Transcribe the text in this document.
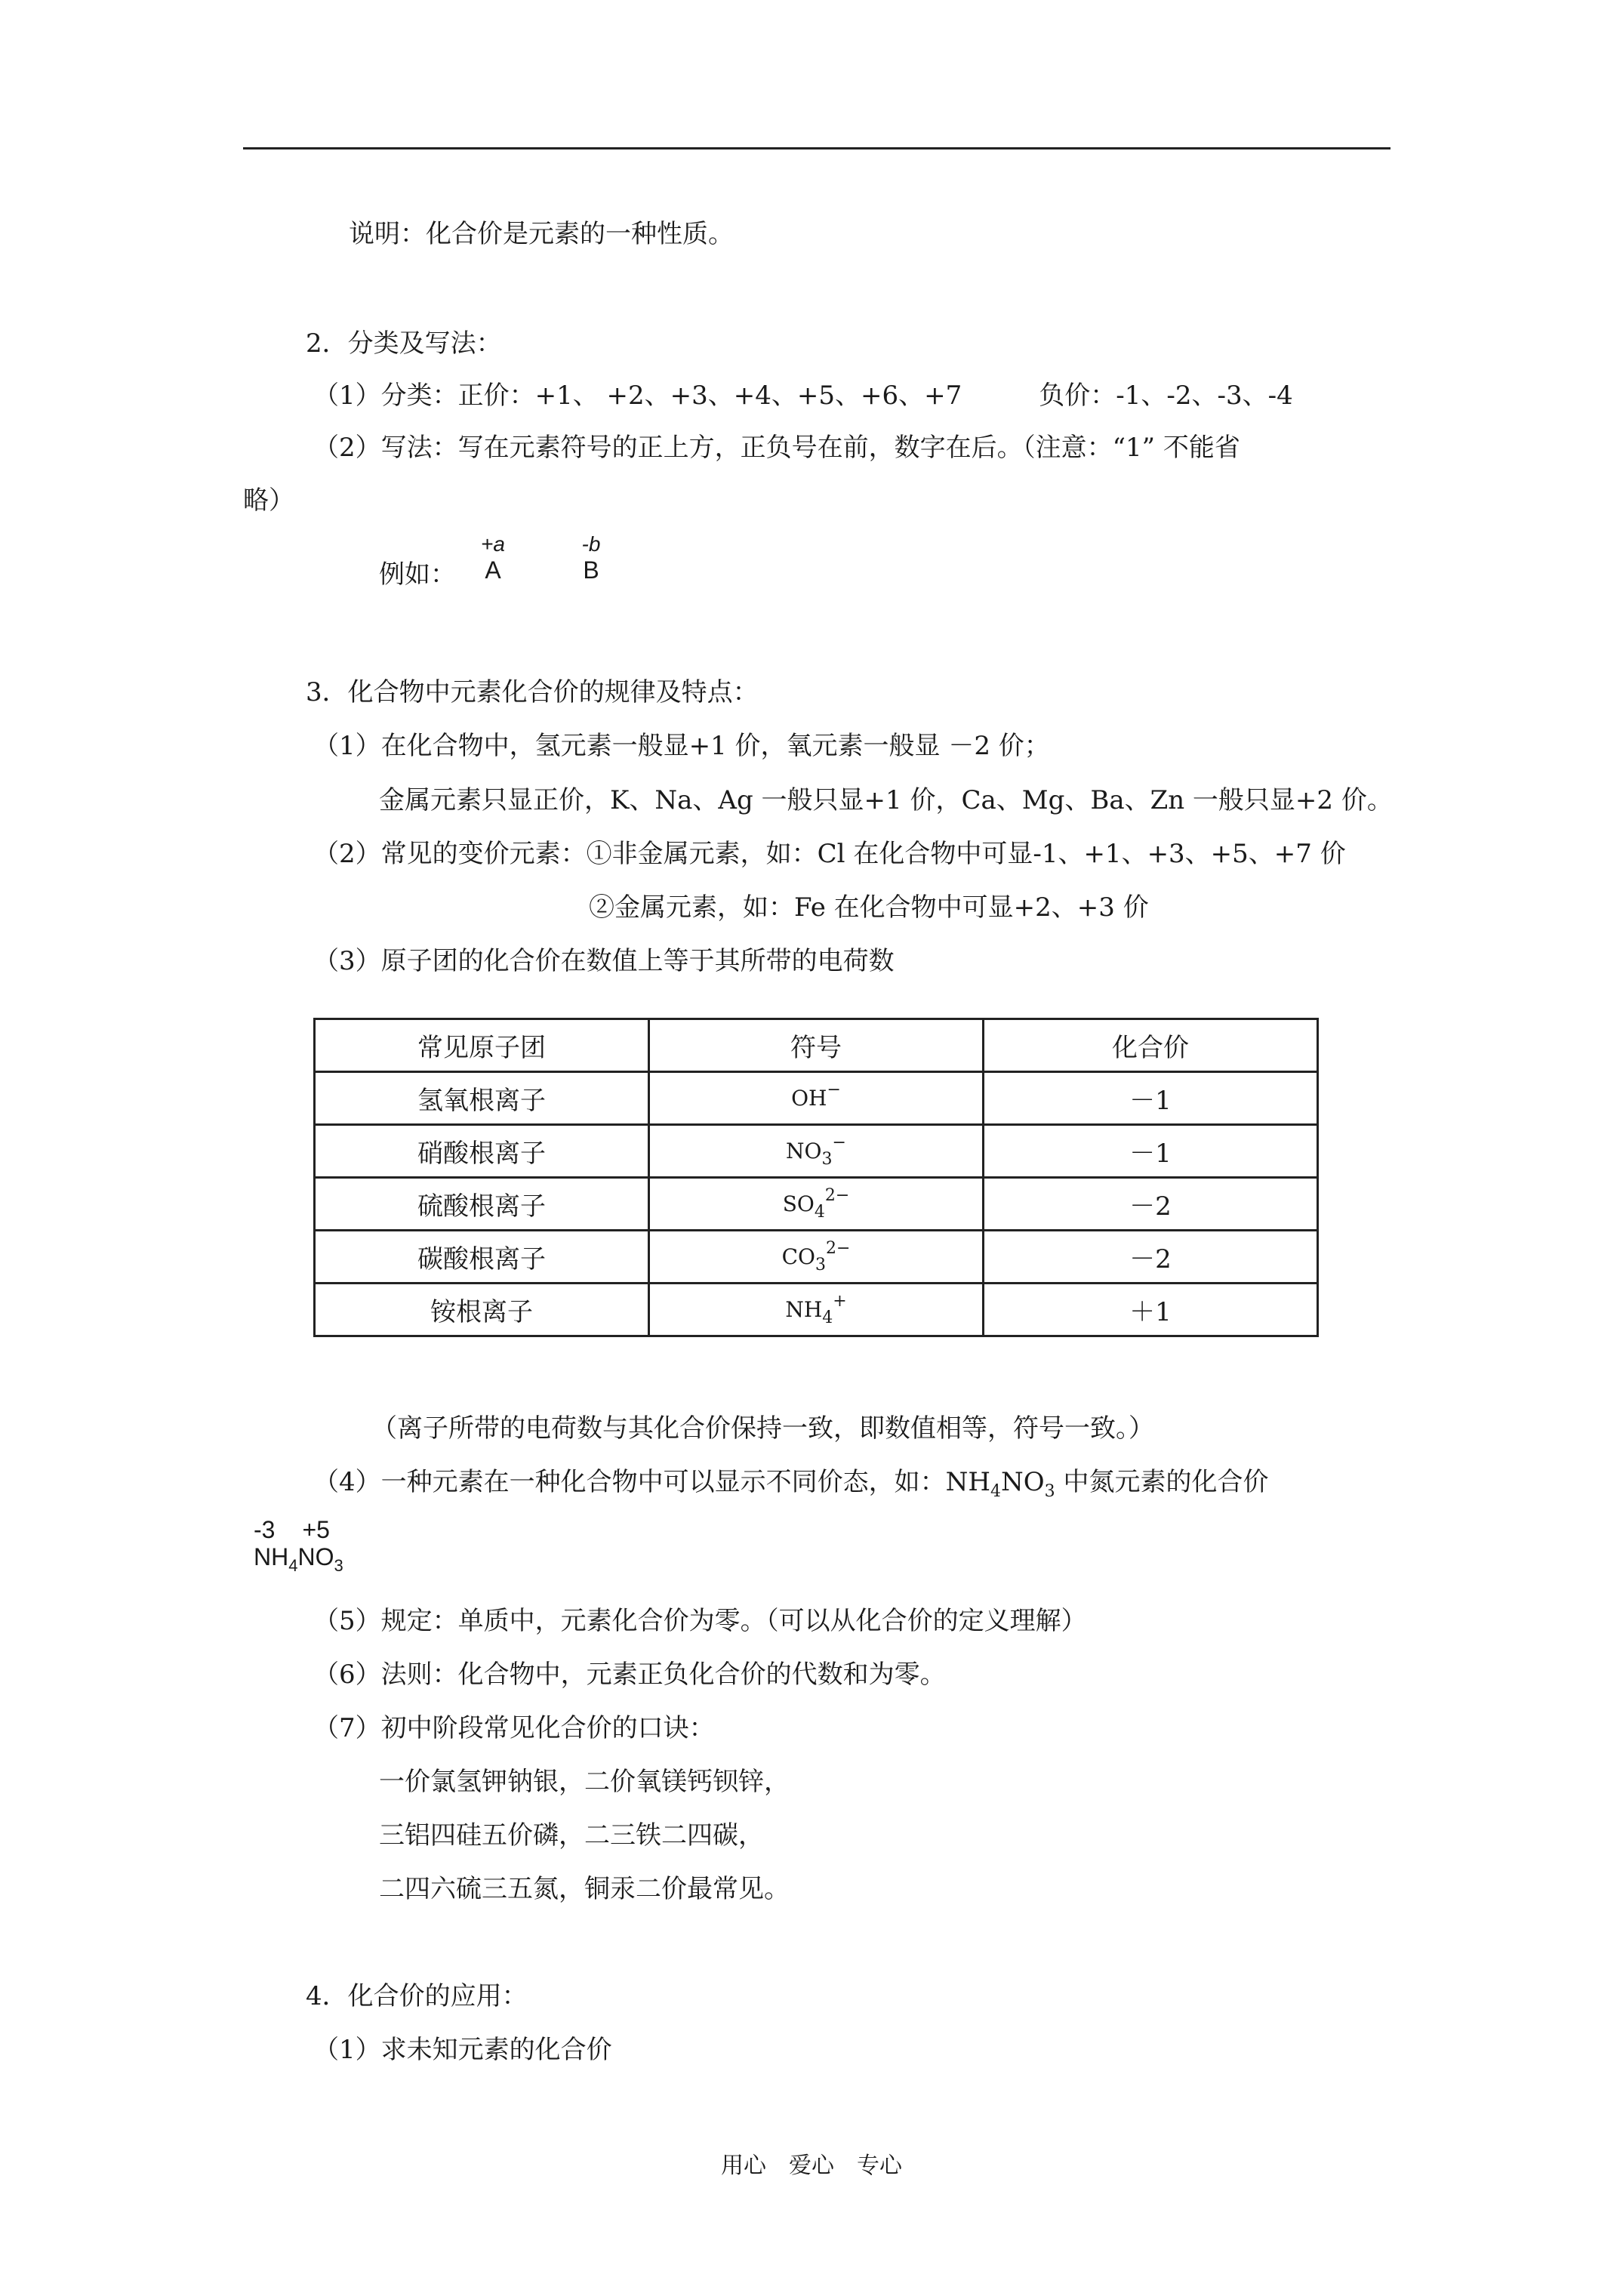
说明：化合价是元素的一种性质。
2．分类及写法：
（1）分类：正价：+1、 +2、+3、+4、+5、+6、+7　　　负价：-1、-2、-3、-4
（2）写法：写在元素符号的正上方，正负号在前，数字在后。（注意：“1” 不能省
略）
例如：
+a
A
-b
B
3．化合物中元素化合价的规律及特点：
（1）在化合物中，氢元素一般显+1 价，氧元素一般显 －2 价；
金属元素只显正价，K、Na、Ag 一般只显+1 价，Ca、Mg、Ba、Zn 一般只显+2 价。
（2）常见的变价元素：①非金属元素，如：Cl 在化合物中可显-1、+1、+3、+5、+7 价
②金属元素，如：Fe 在化合物中可显+2、+3 价
（3）原子团的化合价在数值上等于其所带的电荷数
常见原子团	符号	化合价
氢氧根离子	OH−	－1
硝酸根离子	$NO_3^-$	－1
硫酸根离子	$SO_4^{2-}$	－2
碳酸根离子	$CO_3^{2-}$	－2
铵根离子	$NH_4^+$	＋1
（离子所带的电荷数与其化合价保持一致，即数值相等，符号一致。）
（4）一种元素在一种化合物中可以显示不同价态，如：$NH_4NO_3$ 中氮元素的化合价
-3 +5
$NH_4NO_3$
（5）规定：单质中，元素化合价为零。（可以从化合价的定义理解）
（6）法则：化合物中，元素正负化合价的代数和为零。
（7）初中阶段常见化合价的口诀：
一价氯氢钾钠银，二价氧镁钙钡锌，
三铝四硅五价磷，二三铁二四碳，
二四六硫三五氮，铜汞二价最常见。
4．化合价的应用：
（1）求未知元素的化合价
用心　爱心　专心
